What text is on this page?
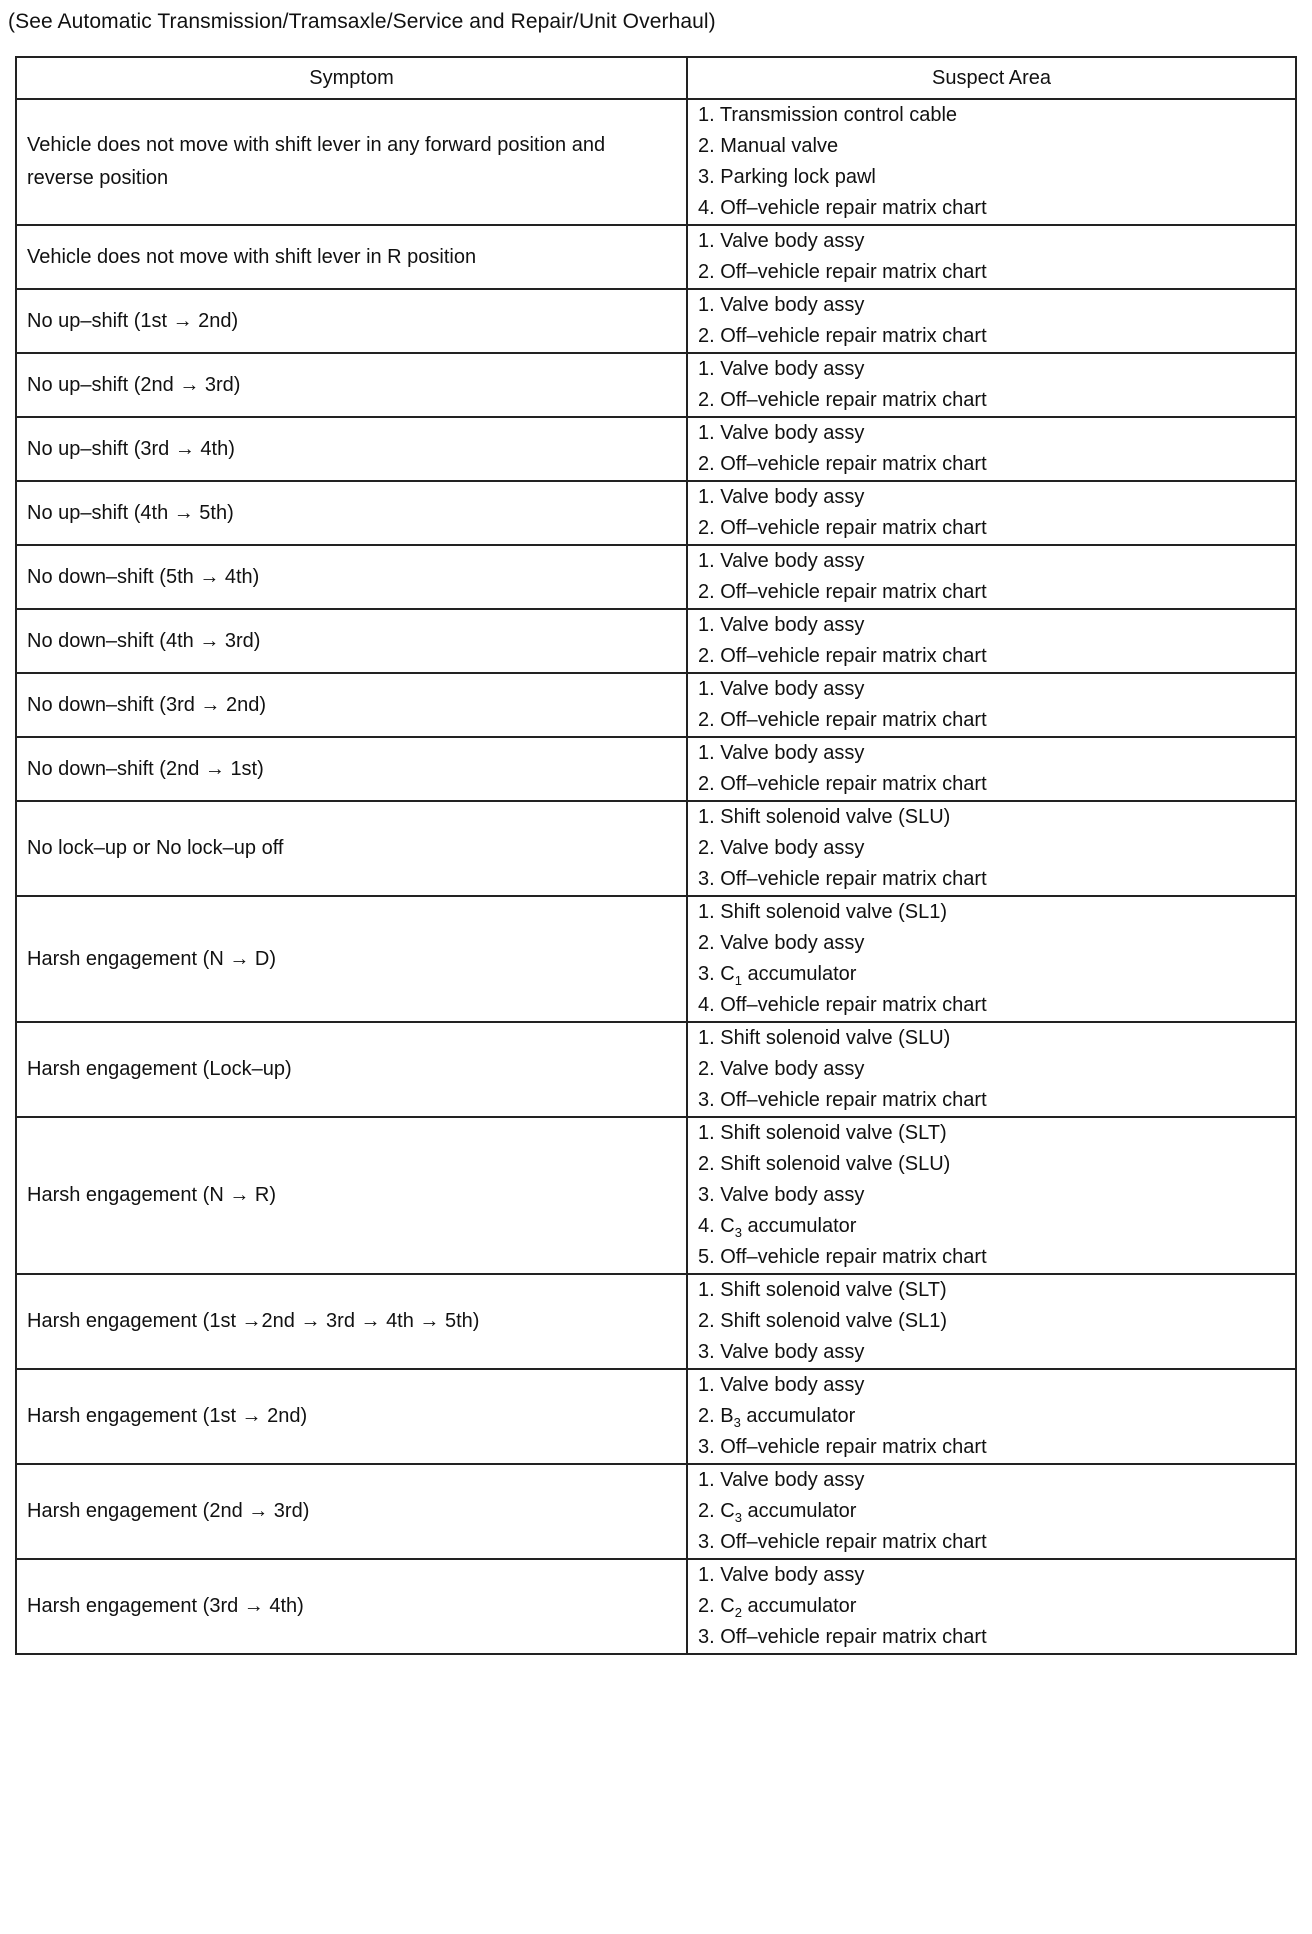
(See Automatic Transmission/Tramsaxle/Service and Repair/Unit Overhaul)
Symptom	Suspect Area
Vehicle does not move with shift lever in any forward position and reverse position	1. Transmission control cable
2. Manual valve
3. Parking lock pawl
4. Off–vehicle repair matrix chart

Vehicle does not move with shift lever in R position	1. Valve body assy
2. Off–vehicle repair matrix chart

No up–shift (1st → 2nd)	1. Valve body assy
2. Off–vehicle repair matrix chart

No up–shift (2nd → 3rd)	1. Valve body assy
2. Off–vehicle repair matrix chart

No up–shift (3rd → 4th)	1. Valve body assy
2. Off–vehicle repair matrix chart

No up–shift (4th → 5th)	1. Valve body assy
2. Off–vehicle repair matrix chart

No down–shift (5th → 4th)	1. Valve body assy
2. Off–vehicle repair matrix chart

No down–shift (4th → 3rd)	1. Valve body assy
2. Off–vehicle repair matrix chart

No down–shift (3rd → 2nd)	1. Valve body assy
2. Off–vehicle repair matrix chart

No down–shift (2nd → 1st)	1. Valve body assy
2. Off–vehicle repair matrix chart

No lock–up or No lock–up off	1. Shift solenoid valve (SLU)
2. Valve body assy
3. Off–vehicle repair matrix chart

Harsh engagement (N → D)	1. Shift solenoid valve (SL1)
2. Valve body assy
3. $C_1$ accumulator
4. Off–vehicle repair matrix chart

Harsh engagement (Lock–up)	1. Shift solenoid valve (SLU)
2. Valve body assy
3. Off–vehicle repair matrix chart

Harsh engagement (N → R)	1. Shift solenoid valve (SLT)
2. Shift solenoid valve (SLU)
3. Valve body assy
4. $C_3$ accumulator
5. Off–vehicle repair matrix chart

Harsh engagement (1st →2nd → 3rd → 4th → 5th)	1. Shift solenoid valve (SLT)
2. Shift solenoid valve (SL1)
3. Valve body assy

Harsh engagement (1st → 2nd)	1. Valve body assy
2. $B_3$ accumulator
3. Off–vehicle repair matrix chart

Harsh engagement (2nd → 3rd)	1. Valve body assy
2. $C_3$ accumulator
3. Off–vehicle repair matrix chart

Harsh engagement (3rd → 4th)	1. Valve body assy
2. $C_2$ accumulator
3. Off–vehicle repair matrix chart
